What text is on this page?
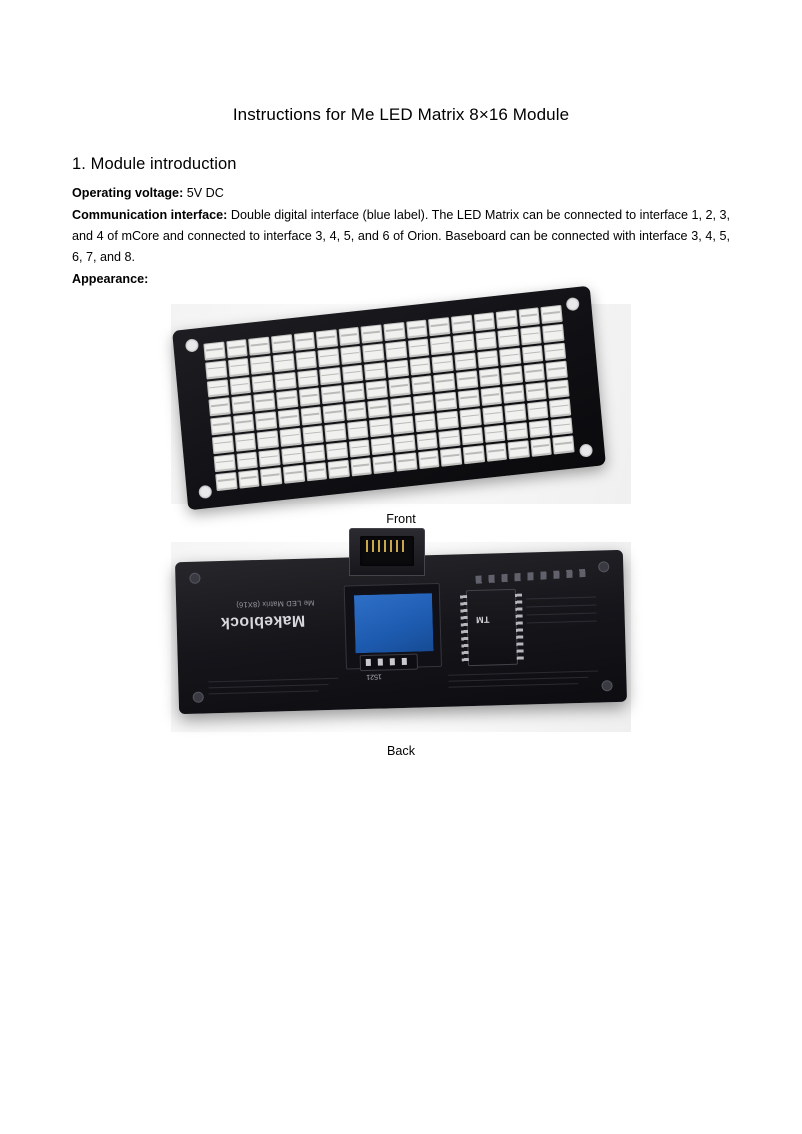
Instructions for Me LED Matrix 8×16 Module
1. Module introduction

Operating voltage: 5V DC

Communication interface: Double digital interface (blue label). The LED Matrix can be connected to interface 1, 2, 3, and 4 of mCore and connected to interface 3, 4, 5, and 6 of Orion. Baseboard can be connected with interface 3, 4, 5, 6, 7, and 8.

Appearance:

Front
Me LED Matrix (8X16)
Makeblock
1521
TM
Back
